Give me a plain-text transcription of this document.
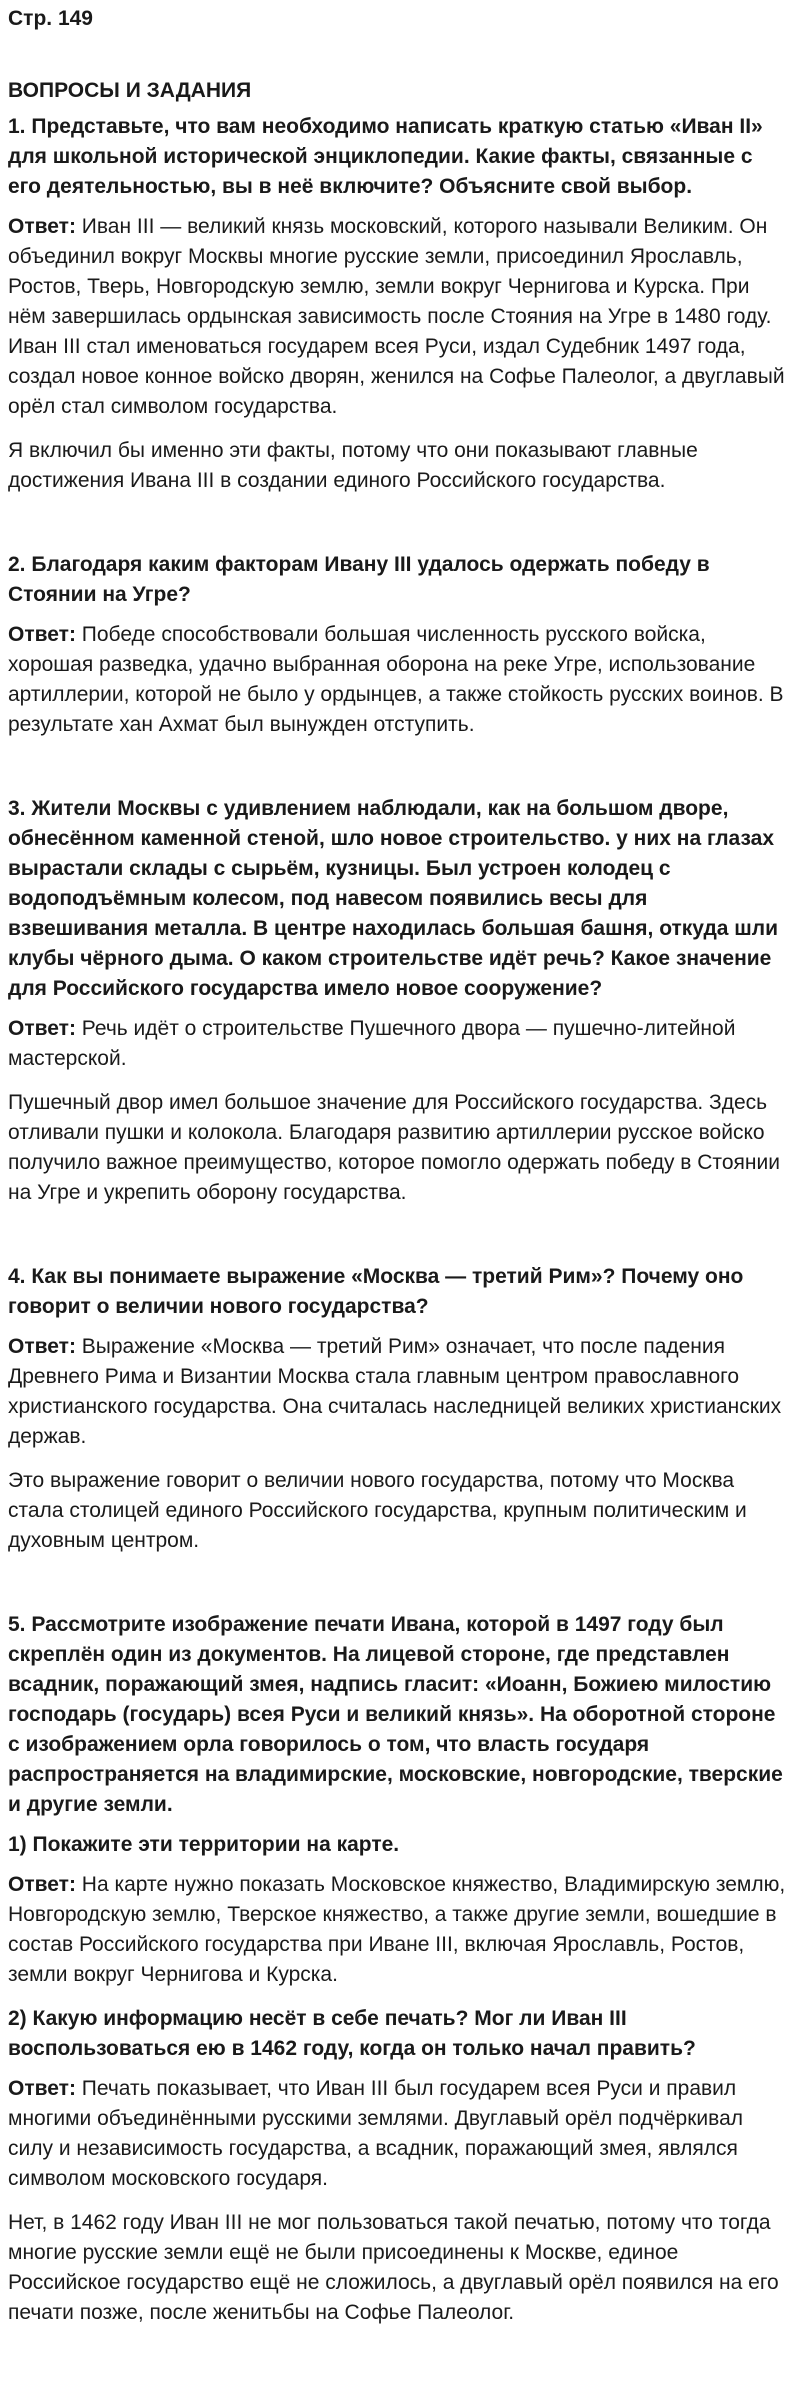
Стр. 149
ВОПРОСЫ И ЗАДАНИЯ
1. Представьте, что вам необходимо написать краткую статью «Иван II» для школьной исторической энциклопедии. Какие факты, связанные с его деятельностью, вы в неё включите? Объясните свой выбор.
Ответ: Иван III — великий князь московский, которого называли Великим. Он объединил вокруг Москвы многие русские земли, присоединил Ярославль, Ростов, Тверь, Новгородскую землю, земли вокруг Чернигова и Курска. При нём завершилась ордынская зависимость после Стояния на Угре в 1480 году. Иван III стал именоваться государем всея Руси, издал Судебник 1497 года, создал новое конное войско дворян, женился на Софье Палеолог, а двуглавый орёл стал символом государства.
Я включил бы именно эти факты, потому что они показывают главные достижения Ивана III в создании единого Российского государства.
2. Благодаря каким факторам Ивану III удалось одержать победу в Стоянии на Угре?
Ответ: Победе способствовали большая численность русского войска, хорошая разведка, удачно выбранная оборона на реке Угре, использование артиллерии, которой не было у ордынцев, а также стойкость русских воинов. В результате хан Ахмат был вынужден отступить.
3. Жители Москвы с удивлением наблюдали, как на большом дворе, обнесённом каменной стеной, шло новое строительство. у них на глазах вырастали склады с сырьём, кузницы. Был устроен колодец с водоподъёмным колесом, под навесом появились весы для взвешивания металла. В центре находилась большая башня, откуда шли клубы чёрного дыма. О каком строительстве идёт речь? Какое значение для Российского государства имело новое сооружение?
Ответ: Речь идёт о строительстве Пушечного двора — пушечно-литейной мастерской.
Пушечный двор имел большое значение для Российского государства. Здесь отливали пушки и колокола. Благодаря развитию артиллерии русское войско получило важное преимущество, которое помогло одержать победу в Стоянии на Угре и укрепить оборону государства.
4. Как вы понимаете выражение «Москва — третий Рим»? Почему оно говорит о величии нового государства?
Ответ: Выражение «Москва — третий Рим» означает, что после падения Древнего Рима и Византии Москва стала главным центром православного христианского государства. Она считалась наследницей великих христианских держав.
Это выражение говорит о величии нового государства, потому что Москва стала столицей единого Российского государства, крупным политическим и духовным центром.
5. Рассмотрите изображение печати Ивана, которой в 1497 году был скреплён один из документов. На лицевой стороне, где представлен всадник, поражающий змея, надпись гласит: «Иоанн, Божиею милостию господарь (государь) всея Руси и великий князь». На оборотной стороне с изображением орла говорилось о том, что власть государя распространяется на владимирские, московские, новгородские, тверские и другие земли.
1) Покажите эти территории на карте.
Ответ: На карте нужно показать Московское княжество, Владимирскую землю, Новгородскую землю, Тверское княжество, а также другие земли, вошедшие в состав Российского государства при Иване III, включая Ярославль, Ростов, земли вокруг Чернигова и Курска.
2) Какую информацию несёт в себе печать? Мог ли Иван III воспользоваться ею в 1462 году, когда он только начал править?
Ответ: Печать показывает, что Иван III был государем всея Руси и правил многими объединёнными русскими землями. Двуглавый орёл подчёркивал силу и независимость государства, а всадник, поражающий змея, являлся символом московского государя.
Нет, в 1462 году Иван III не мог пользоваться такой печатью, потому что тогда многие русские земли ещё не были присоединены к Москве, единое Российское государство ещё не сложилось, а двуглавый орёл появился на его печати позже, после женитьбы на Софье Палеолог.
